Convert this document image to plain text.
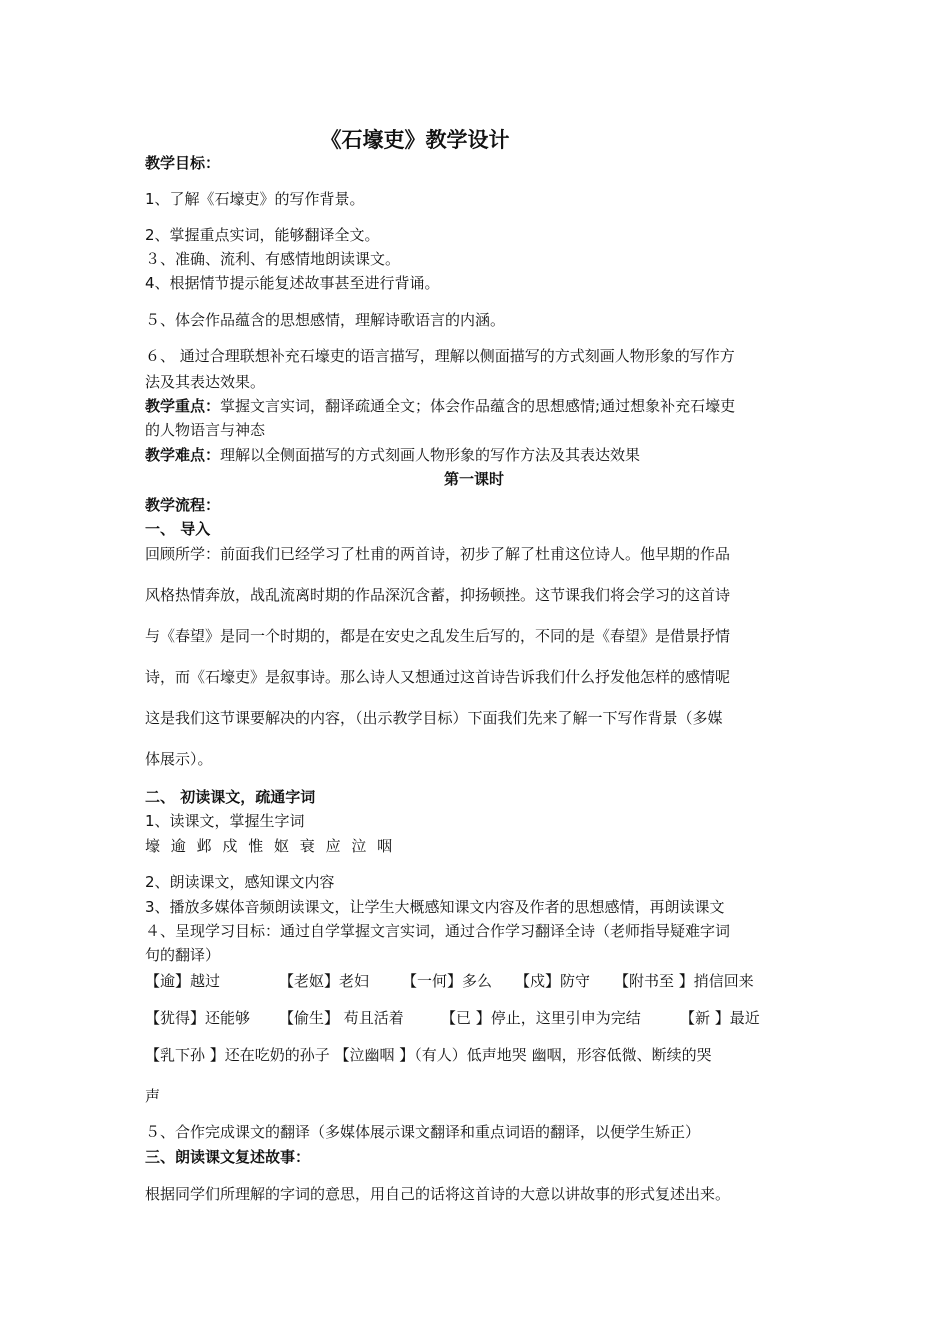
《石壕吏》教学设计
教学目标：
1、了解《石壕吏》的写作背景。
2、掌握重点实词，能够翻译全文。
３、准确、流利、有感情地朗读课文。
4、根据情节提示能复述故事甚至进行背诵。
５、体会作品蕴含的思想感情，理解诗歌语言的内涵。
６、 通过合理联想补充石壕吏的语言描写，理解以侧面描写的方式刻画人物形象的写作方
法及其表达效果。
教学重点：掌握文言实词，翻译疏通全文；体会作品蕴含的思想感情;通过想象补充石壕吏
的人物语言与神态
教学难点：理解以全侧面描写的方式刻画人物形象的写作方法及其表达效果
第一课时
教学流程：
一、 导入
回顾所学：前面我们已经学习了杜甫的两首诗，初步了解了杜甫这位诗人。他早期的作品
风格热情奔放，战乱流离时期的作品深沉含蓄，抑扬顿挫。这节课我们将会学习的这首诗
与《春望》是同一个时期的，都是在安史之乱发生后写的，不同的是《春望》是借景抒情
诗，而《石壕吏》是叙事诗。那么诗人又想通过这首诗告诉我们什么抒发他怎样的感情呢
这是我们这节课要解决的内容，（出示教学目标）下面我们先来了解一下写作背景（多媒
体展示）。
二、 初读课文，疏通字词
1、读课文，掌握生字词
壕 逾 邺 戍 惟 妪 衰 应 泣 咽
2、朗读课文，感知课文内容
3、播放多媒体音频朗读课文，让学生大概感知课文内容及作者的思想感情，再朗读课文
４、呈现学习目标：通过自学掌握文言实词，通过合作学习翻译全诗（老师指导疑难字词
句的翻译）
【逾】越过	【老妪】老妇 【一何】多么 【戍】防守 【附书至 】捎信回来
【犹得】还能够 【偷生】 苟且活着 【已 】停止，这里引申为完结	【新 】最近
【乳下孙 】还在吃奶的孙子 【泣幽咽 】（有人）低声地哭 幽咽，形容低微、断续的哭
声
５、合作完成课文的翻译（多媒体展示课文翻译和重点词语的翻译，以便学生矫正）
三、朗读课文复述故事：
根据同学们所理解的字词的意思，用自己的话将这首诗的大意以讲故事的形式复述出来。
